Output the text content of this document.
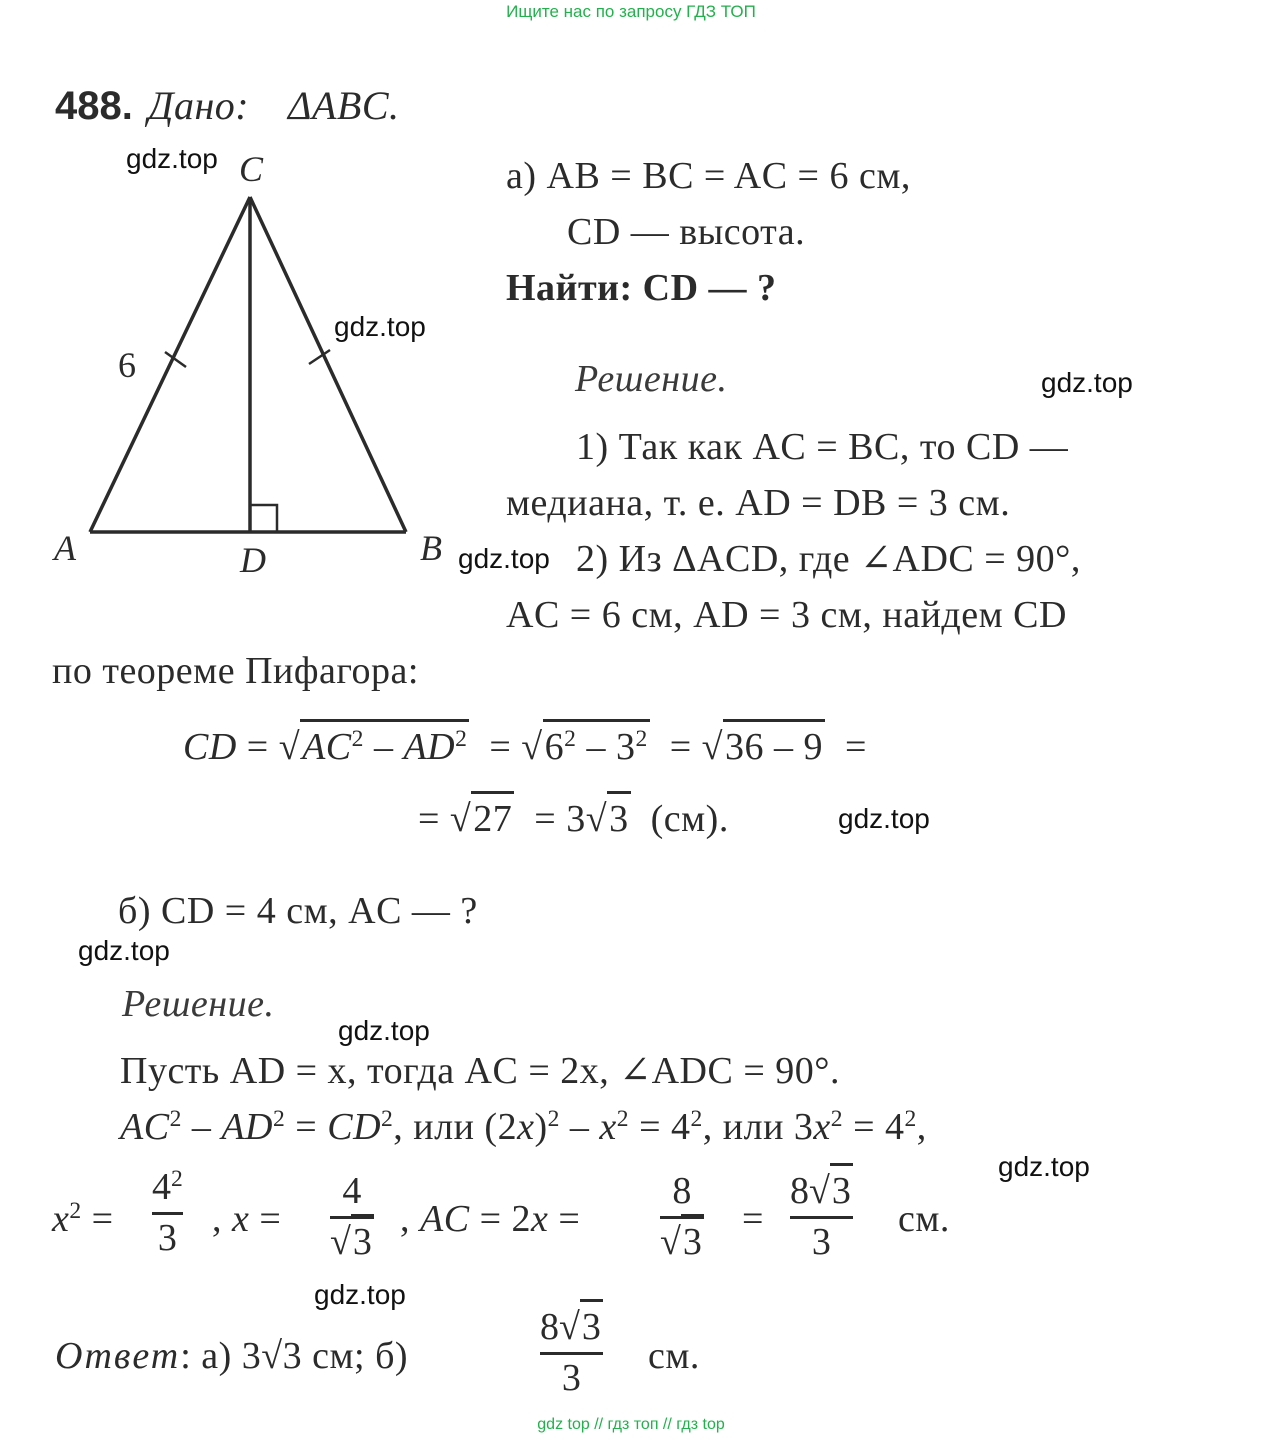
Ищите нас по запросу ГДЗ ТОП
gdz top // гдз топ // гдз top
gdz.top
gdz.top
gdz.top
gdz.top
gdz.top
gdz.top
gdz.top
gdz.top
gdz.top
488. Дано: ΔABC.
C
A	D	B
6
а) AB = BC = AC = 6 см,
CD — высота.
Найти: CD — ?
Решение.
1) Так как AC = BC, то CD —
медиана, т. е. AD = DB = 3 см.
2) Из ΔACD, где ∠ADC = 90°,
AC = 6 см, AD = 3 см, найдем CD
по теореме Пифагора:
CD = $√AC^2 - AD^2 = √6^2 - 3^2 = √36 - 9$  =
= √27  = 3√3  (см).
б) CD = 4 см, AC — ?
Решение.
Пусть AD = x, тогда AC = 2x, ∠ADC = 90°.
$AC^2 - AD^2 = CD^2$, или $(2x)^2 - x^2 = 4^2$, или $3x^2 = 4^2$,
$x^2$ =
$4^2$
3 , x =
4
√3
, AC = 2x =
8
√3
=
8√3
3
см.
Ответ: а) 3√3 см; б)
8√3
3
см.
